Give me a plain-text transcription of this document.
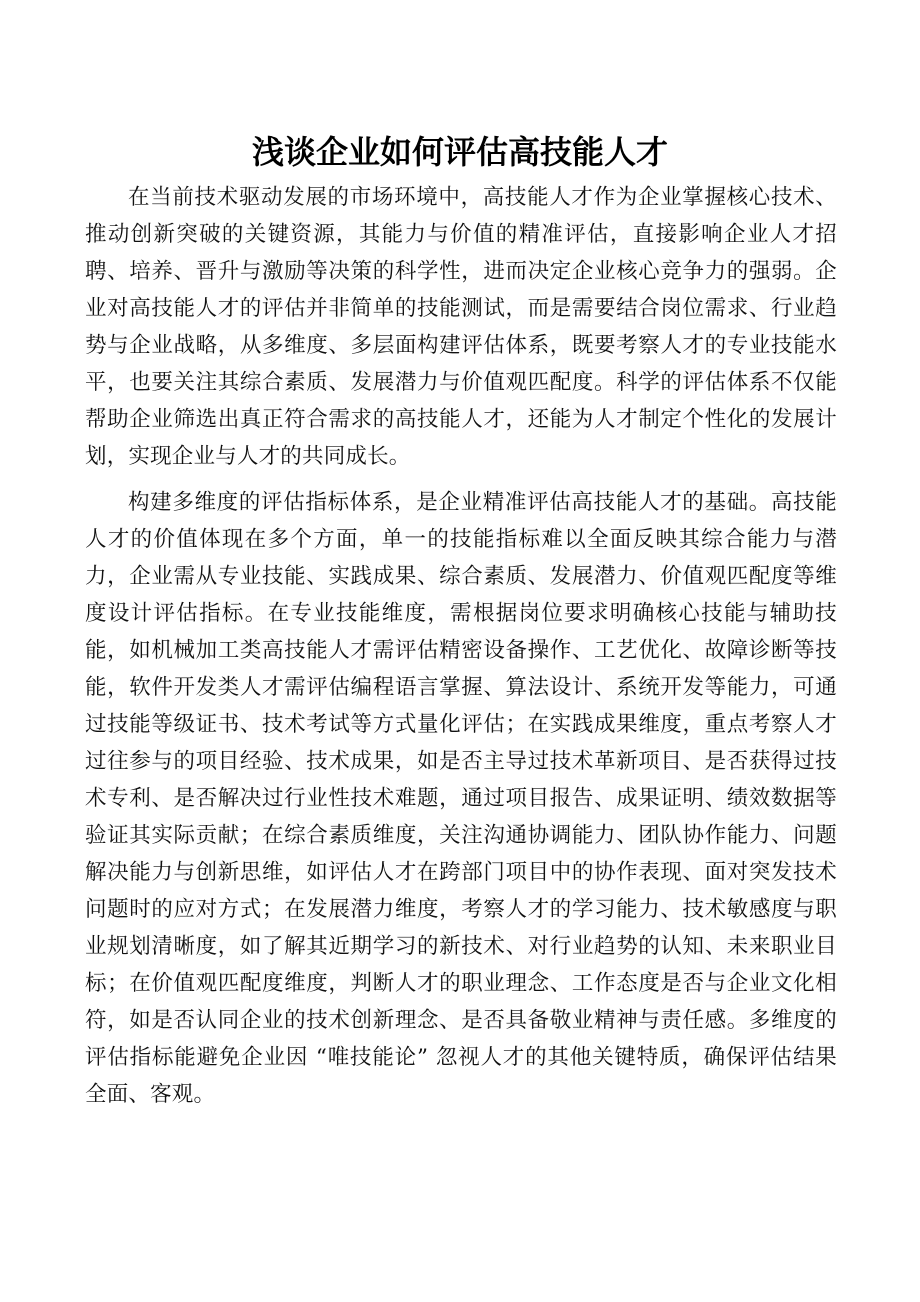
浅谈企业如何评估高技能人才

在当前技术驱动发展的市场环境中，高技能人才作为企业掌握核心技术、推动创新突破的关键资源，其能力与价值的精准评估，直接影响企业人才招聘、培养、晋升与激励等决策的科学性，进而决定企业核心竞争力的强弱。企业对高技能人才的评估并非简单的技能测试，而是需要结合岗位需求、行业趋势与企业战略，从多维度、多层面构建评估体系，既要考察人才的专业技能水平，也要关注其综合素质、发展潜力与价值观匹配度。科学的评估体系不仅能帮助企业筛选出真正符合需求的高技能人才，还能为人才制定个性化的发展计划，实现企业与人才的共同成长。

构建多维度的评估指标体系，是企业精准评估高技能人才的基础。高技能人才的价值体现在多个方面，单一的技能指标难以全面反映其综合能力与潜力，企业需从专业技能、实践成果、综合素质、发展潜力、价值观匹配度等维度设计评估指标。在专业技能维度，需根据岗位要求明确核心技能与辅助技能，如机械加工类高技能人才需评估精密设备操作、工艺优化、故障诊断等技能，软件开发类人才需评估编程语言掌握、算法设计、系统开发等能力，可通过技能等级证书、技术考试等方式量化评估；在实践成果维度，重点考察人才过往参与的项目经验、技术成果，如是否主导过技术革新项目、是否获得过技术专利、是否解决过行业性技术难题，通过项目报告、成果证明、绩效数据等验证其实际贡献；在综合素质维度，关注沟通协调能力、团队协作能力、问题解决能力与创新思维，如评估人才在跨部门项目中的协作表现、面对突发技术问题时的应对方式；在发展潜力维度，考察人才的学习能力、技术敏感度与职业规划清晰度，如了解其近期学习的新技术、对行业趋势的认知、未来职业目标；在价值观匹配度维度，判断人才的职业理念、工作态度是否与企业文化相符，如是否认同企业的技术创新理念、是否具备敬业精神与责任感。多维度的评估指标能避免企业因 “唯技能论” 忽视人才的其他关键特质，确保评估结果全面、客观。
